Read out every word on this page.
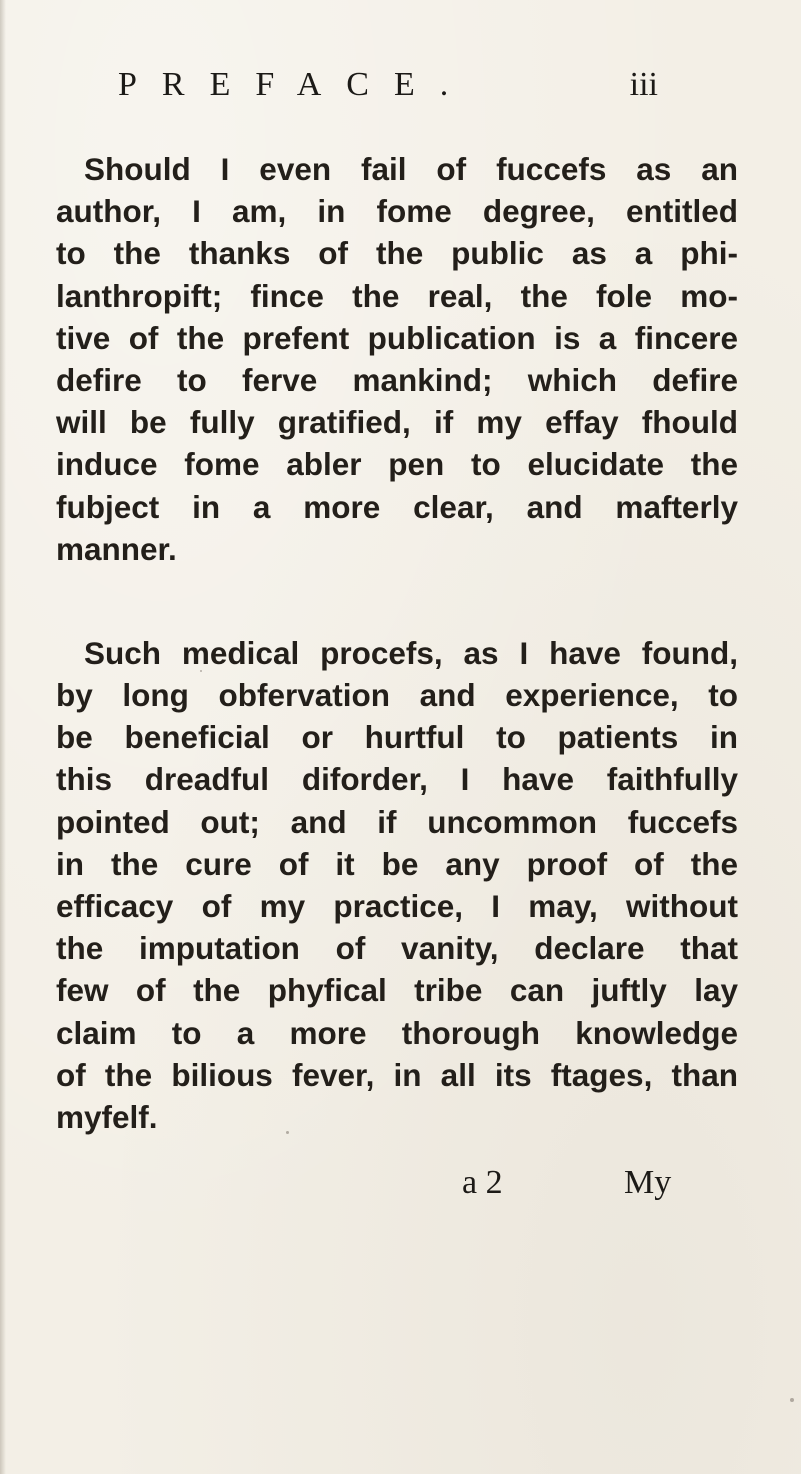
PREFACE.	iii
Should I even fail of fuccefs as an
author, I am, in fome degree, entitled
to the thanks of the public as a phi-
lanthropift; fince the real, the fole mo-
tive of the prefent publication is a fincere
defire to ferve mankind; which defire
will be fully gratified, if my effay fhould
induce fome abler pen to elucidate the
fubject in a more clear, and mafterly
manner.
Such medical procefs, as I have found,
by long obfervation and experience, to
be beneficial or hurtful to patients in
this dreadful diforder, I have faithfully
pointed out; and if uncommon fuccefs
in the cure of it be any proof of the
efficacy of my practice, I may, without
the imputation of vanity, declare that
few of the phyfical tribe can juftly lay
claim to a more thorough knowledge
of the bilious fever, in all its ftages, than
myfelf.
a 2	My
